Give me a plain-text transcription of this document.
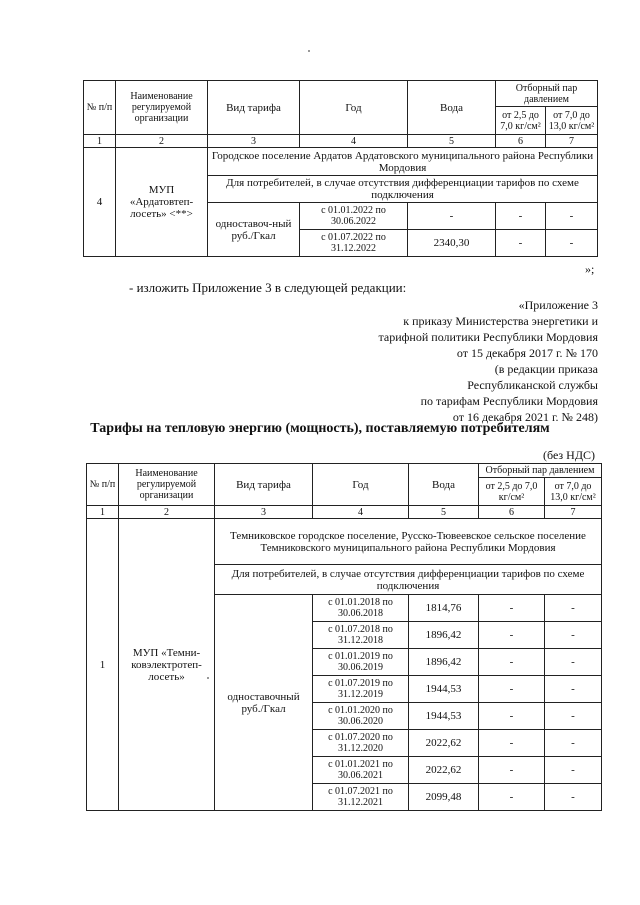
№ п/п	Наименование регулируемой организации	Вид тарифа	Год	Вода	Отборный пар давлением	
					от 2,5 до 7,0 кг/см²	от 7,0 до 13,0 кг/см²
1	2	3	4	5	6	7
4	МУП «Ардатовтеп-лосеть» <**>	Городское поселение Ардатов Ардатовского муниципального района Республики Мордовия				
		Для потребителей, в случае отсутствия дифференциации тарифов по схеме подключения				
		одноставоч-ный руб./Гкал	с 01.01.2022 по 30.06.2022	-	-	-
			с 01.07.2022 по 31.12.2022	2340,30	-	-
»;
- изложить Приложение 3 в следующей редакции:
«Приложение 3
к приказу Министерства энергетики и
тарифной политики Республики Мордовия
от 15 декабря 2017 г. № 170
(в редакции приказа
Республиканской службы
по тарифам Республики Мордовия
от 16 декабря 2021 г. № 248)
Тарифы на тепловую энергию (мощность), поставляемую потребителям
(без НДС)
№ п/п	Наименование регулируемой организации	Вид тарифа	Год	Вода	Отборный пар давлением	
					от 2,5 до 7,0 кг/см²	от 7,0 до 13,0 кг/см²
1	2	3	4	5	6	7
1	МУП «Темни-ковэлектротеп-лосеть»	Темниковское городское поселение, Русско-Тювеевское сельское поселение Темниковского муниципального района Республики Мордовия				
		Для потребителей, в случае отсутствия дифференциации тарифов по схеме подключения				
		одноставочный руб./Гкал	с 01.01.2018 по 30.06.2018	1814,76	-	-
			с 01.07.2018 по 31.12.2018	1896,42	-	-
			с 01.01.2019 по 30.06.2019	1896,42	-	-
			с 01.07.2019 по 31.12.2019	1944,53	-	-
			с 01.01.2020 по 30.06.2020	1944,53	-	-
			с 01.07.2020 по 31.12.2020	2022,62	-	-
			с 01.01.2021 по 30.06.2021	2022,62	-	-
			с 01.07.2021 по 31.12.2021	2099,48	-	-
